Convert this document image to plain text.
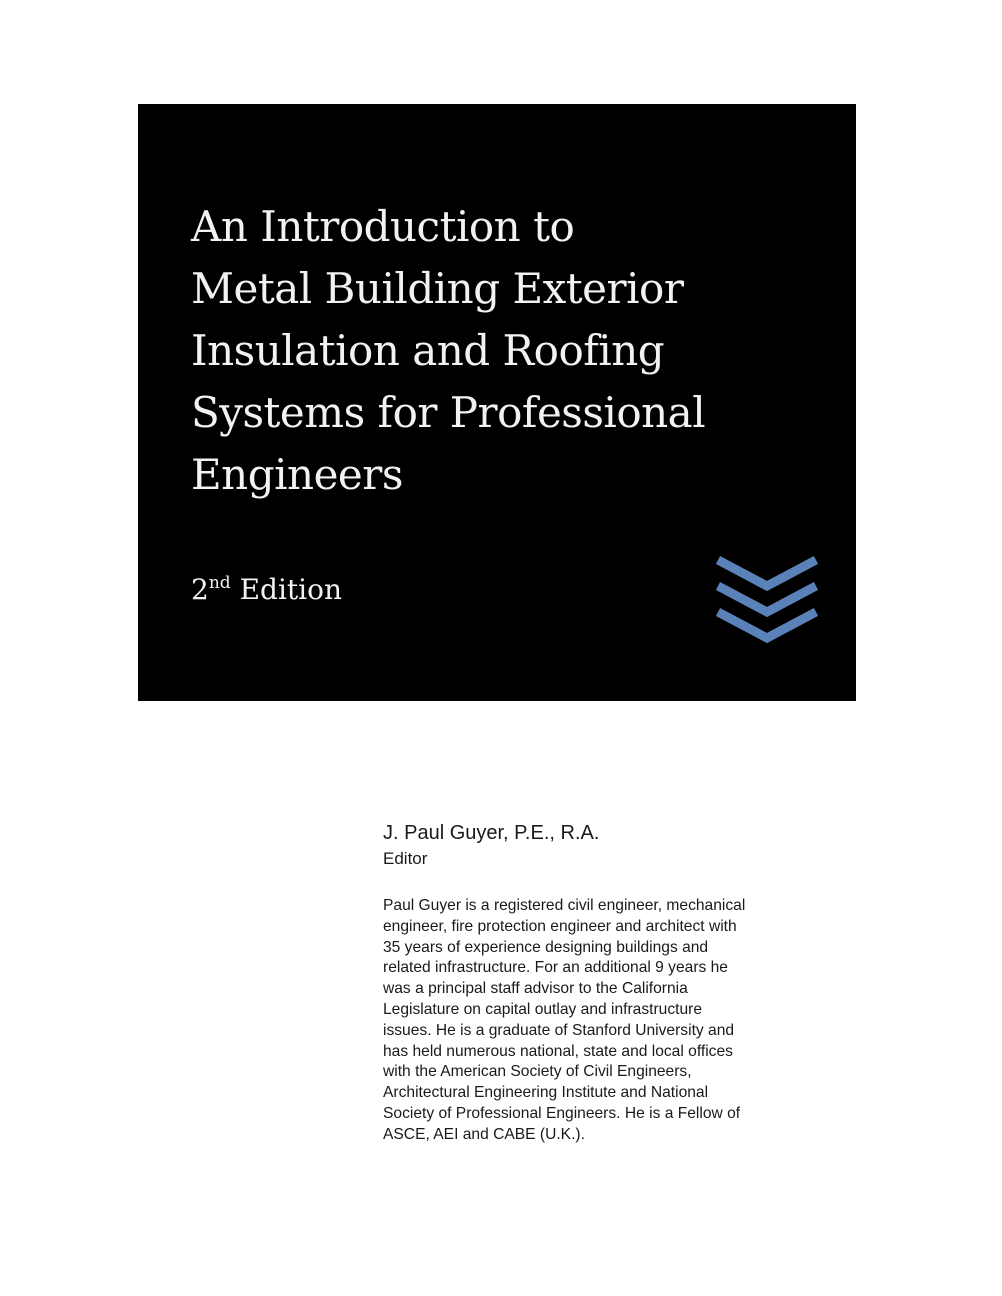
An Introduction to
Metal Building Exterior
Insulation and Roofing
Systems for Professional
Engineers
2nd Edition

J. Paul Guyer, P.E., R.A.

Editor

Paul Guyer is a registered civil engineer, mechanical
engineer, fire protection engineer and architect with
35 years of experience designing buildings and
related infrastructure. For an additional 9 years he
was a principal staff advisor to the California
Legislature on capital outlay and infrastructure
issues. He is a graduate of Stanford University and
has held numerous national, state and local offices
with the American Society of Civil Engineers,
Architectural Engineering Institute and National
Society of Professional Engineers. He is a Fellow of
ASCE, AEI and CABE (U.K.).
